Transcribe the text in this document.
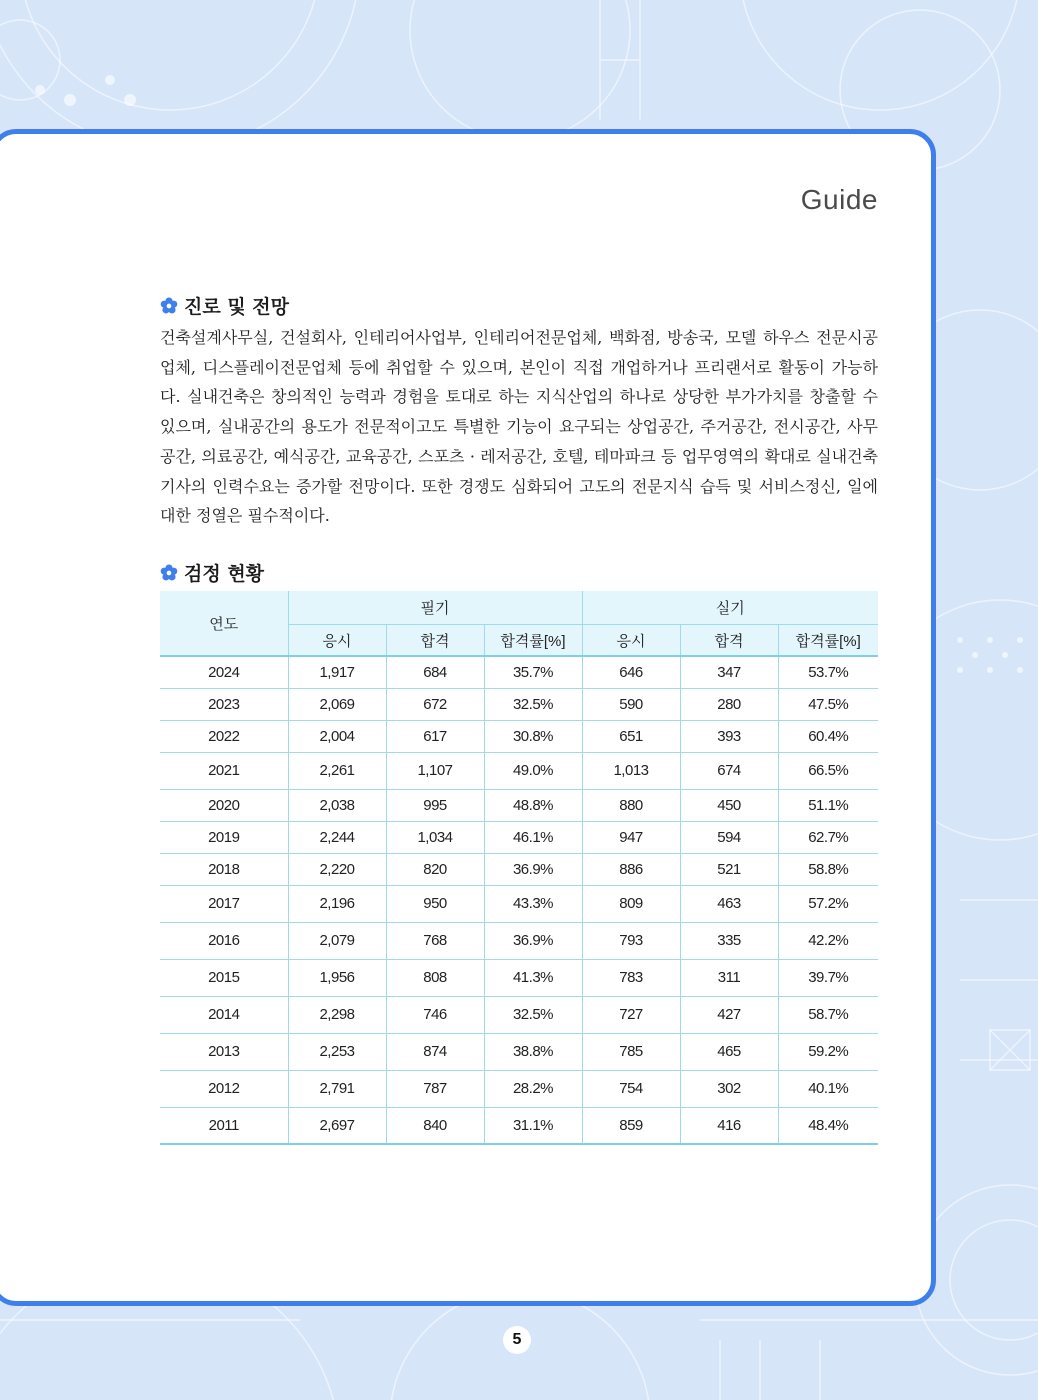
Guide
진로 및 전망
건축설계사무실, 건설회사, 인테리어사업부, 인테리어전문업체, 백화점, 방송국, 모델 하우스 전문시공업체, 디스플레이전문업체 등에 취업할 수 있으며, 본인이 직접 개업하거나 프리랜서로 활동이 가능하다. 실내건축은 창의적인 능력과 경험을 토대로 하는 지식산업의 하나로 상당한 부가가치를 창출할 수 있으며, 실내공간의 용도가 전문적이고도 특별한 기능이 요구되는 상업공간, 주거공간, 전시공간, 사무공간, 의료공간, 예식공간, 교육공간, 스포츠 · 레저공간, 호텔, 테마파크 등 업무영역의 확대로 실내건축기사의 인력수요는 증가할 전망이다. 또한 경쟁도 심화되어 고도의 전문지식 습득 및 서비스정신, 일에 대한 정열은 필수적이다.
검정 현황
연도	필기			실기		
	응시	합격	합격률[%]	응시	합격	합격률[%]
2024	1,917	684	35.7%	646	347	53.7%
2023	2,069	672	32.5%	590	280	47.5%
2022	2,004	617	30.8%	651	393	60.4%
2021	2,261	1,107	49.0%	1,013	674	66.5%
2020	2,038	995	48.8%	880	450	51.1%
2019	2,244	1,034	46.1%	947	594	62.7%
2018	2,220	820	36.9%	886	521	58.8%
2017	2,196	950	43.3%	809	463	57.2%
2016	2,079	768	36.9%	793	335	42.2%
2015	1,956	808	41.3%	783	311	39.7%
2014	2,298	746	32.5%	727	427	58.7%
2013	2,253	874	38.8%	785	465	59.2%
2012	2,791	787	28.2%	754	302	40.1%
2011	2,697	840	31.1%	859	416	48.4%
5
